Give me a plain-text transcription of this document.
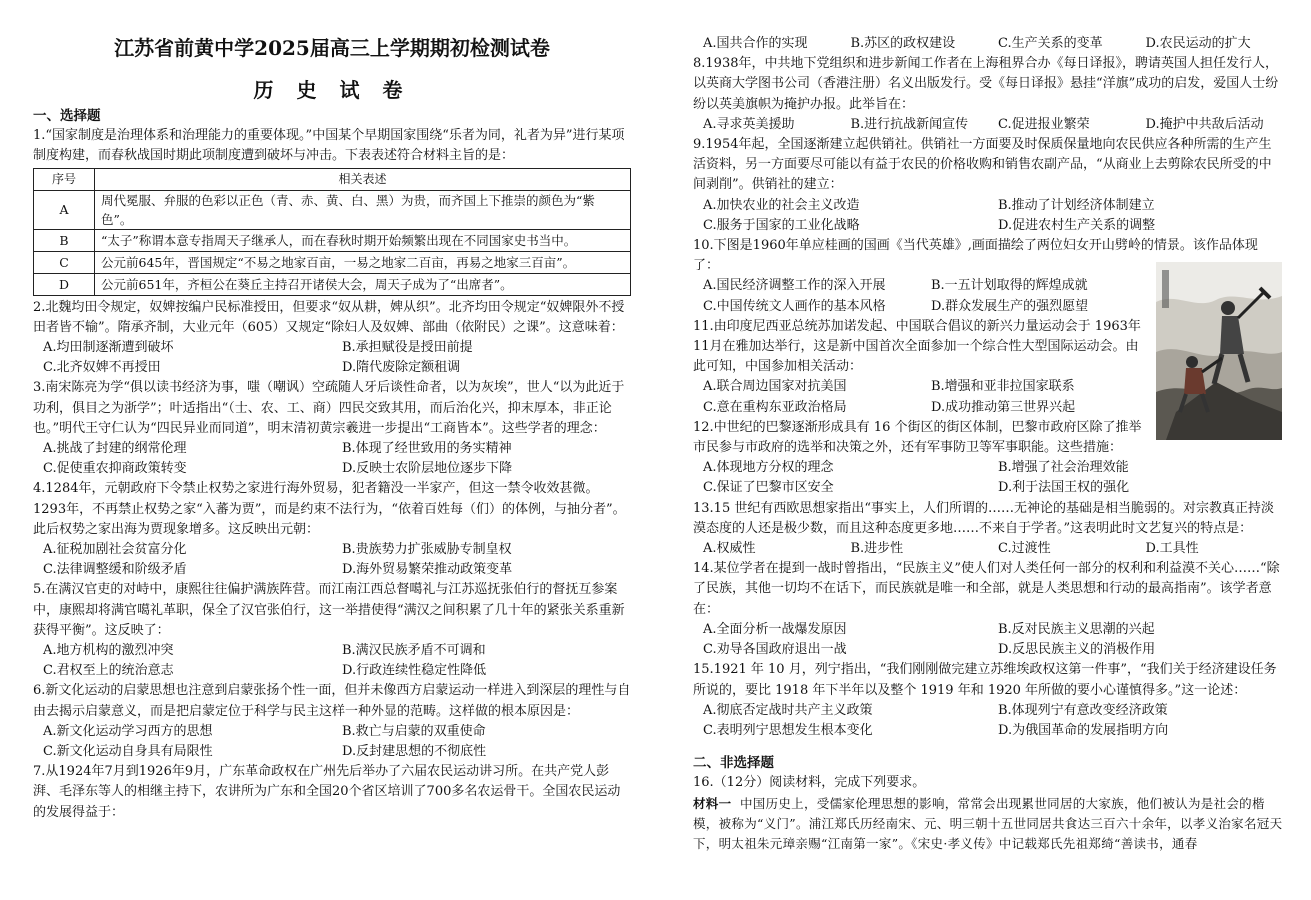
江苏省前黄中学2025届高三上学期期初检测试卷
历 史 试 卷

一、选择题

1.“国家制度是治理体系和治理能力的重要体现。”中国某个早期国家围绕“乐者为同，礼者为异”进行某项制度构建，而春秋战国时期此项制度遭到破坏与冲击。下表表述符合材料主旨的是：

序号	相关表述
A	周代冕服、弁服的色彩以正色（青、赤、黄、白、黑）为贵，而齐国上下推崇的颜色为“紫色”。
B	“太子”称谓本意专指周天子继承人，而在春秋时期开始频繁出现在不同国家史书当中。
C	公元前645年，晋国规定“不易之地家百亩，一易之地家二百亩，再易之地家三百亩”。
D	公元前651年，齐桓公在葵丘主持召开诸侯大会，周天子成为了“出席者”。

2.北魏均田令规定，奴婢按编户民标准授田，但要求“奴从耕，婢从织”。北齐均田令规定“奴婢限外不授田者皆不输”。隋承齐制，大业元年（605）又规定“除妇人及奴婢、部曲（依附民）之课”。这意味着：

A.均田制逐渐遭到破坏	B.承担赋役是授田前提
C.北齐奴婢不再授田	D.隋代废除定额租调

3.南宋陈亮为学“俱以读书经济为事，嗤（嘲讽）空疏随人牙后谈性命者，以为灰埃”，世人“以为此近于功利，俱目之为浙学”；叶适指出“（士、农、工、商）四民交致其用，而后治化兴，抑末厚本，非正论也。”明代王守仁认为“四民异业而同道”，明末清初黄宗羲进一步提出“工商皆本”。这些学者的理念：

A.挑战了封建的纲常伦理	B.体现了经世致用的务实精神
C.促使重农抑商政策转变	D.反映士农阶层地位逐步下降

4.1284年，元朝政府下令禁止权势之家进行海外贸易，犯者籍没一半家产，但这一禁令收效甚微。1293年，不再禁止权势之家“入蕃为贾”，而是约束不法行为，“依着百姓每（们）的体例，与抽分者”。此后权势之家出海为贾现象增多。这反映出元朝：

A.征税加剧社会贫富分化	B.贵族势力扩张威胁专制皇权
C.法律调整缓和阶级矛盾	D.海外贸易繁荣推动政策变革

5.在满汉官吏的对峙中，康熙往往偏护满族阵营。而江南江西总督噶礼与江苏巡抚张伯行的督抚互参案中，康熙却将满官噶礼革职，保全了汉官张伯行，这一举措使得“满汉之间积累了几十年的紧张关系重新获得平衡”。这反映了：

A.地方机构的激烈冲突	B.满汉民族矛盾不可调和
C.君权至上的统治意志	D.行政连续性稳定性降低

6.新文化运动的启蒙思想也注意到启蒙张扬个性一面，但并未像西方启蒙运动一样进入到深层的理性与自由去揭示启蒙意义，而是把启蒙定位于科学与民主这样一种外显的范畴。这样做的根本原因是：

A.新文化运动学习西方的思想	B.救亡与启蒙的双重使命
C.新文化运动自身具有局限性	D.反封建思想的不彻底性

7.从1924年7月到1926年9月，广东革命政权在广州先后举办了六届农民运动讲习所。在共产党人彭湃、毛泽东等人的相继主持下，农讲所为广东和全国20个省区培训了700多名农运骨干。全国农民运动的发展得益于：

A.国共合作的实现	B.苏区的政权建设	C.生产关系的变革	D.农民运动的扩大

8.1938年，中共地下党组织和进步新闻工作者在上海租界合办《每日译报》，聘请英国人担任发行人，以英商大学图书公司（香港注册）名义出版发行。受《每日译报》悬挂“洋旗”成功的启发，爱国人士纷纷以英美旗帜为掩护办报。此举旨在：

A.寻求英美援助	B.进行抗战新闻宣传	C.促进报业繁荣	D.掩护中共敌后活动

9.1954年起，全国逐渐建立起供销社。供销社一方面要及时保质保量地向农民供应各种所需的生产生活资料，另一方面要尽可能以有益于农民的价格收购和销售农副产品，“从商业上去剪除农民所受的中间剥削”。供销社的建立：

A.加快农业的社会主义改造	B.推动了计划经济体制建立
C.服务于国家的工业化战略	D.促进农村生产关系的调整

10.下图是1960年单应桂画的国画《当代英雄》,画面描绘了两位妇女开山劈岭的情景。该作品体现了：

A.国民经济调整工作的深入开展	B.一五计划取得的辉煌成就
C.中国传统文人画作的基本风格	D.群众发展生产的强烈愿望

11.由印度尼西亚总统苏加诺发起、中国联合倡议的新兴力量运动会于 1963年11月在雅加达举行，这是新中国首次全面参加一个综合性大型国际运动会。由此可知，中国参加相关活动：

A.联合周边国家对抗美国	B.增强和亚非拉国家联系
C.意在重构东亚政治格局	D.成功推动第三世界兴起

12.中世纪的巴黎逐渐形成具有 16 个街区的街区体制，巴黎市政府区除了推举市民参与市政府的选举和决策之外，还有军事防卫等军事职能。这些措施：

A.体现地方分权的理念	B.增强了社会治理效能
C.保证了巴黎市区安全	D.利于法国王权的强化

13.15 世纪有西欧思想家指出“事实上，人们所谓的……无神论的基础是相当脆弱的。对宗教真正持淡漠态度的人还是极少数，而且这种态度更多地……不来自于学者。”这表明此时文艺复兴的特点是：

A.权威性	B.进步性	C.过渡性	D.工具性

14.某位学者在提到一战时曾指出，“民族主义”使人们对人类任何一部分的权利和利益漠不关心……“除了民族，其他一切均不在话下，而民族就是唯一和全部，就是人类思想和行动的最高指南”。该学者意在：

A.全面分析一战爆发原因	B.反对民族主义思潮的兴起
C.劝导各国政府退出一战	D.反思民族主义的消极作用

15.1921 年 10 月，列宁指出，“我们刚刚做完建立苏维埃政权这第一件事”，“我们关于经济建设任务所说的，要比 1918 年下半年以及整个 1919 年和 1920 年所做的要小心谨慎得多。”这一论述：

A.彻底否定战时共产主义政策	B.体现列宁有意改变经济政策
C.表明列宁思想发生根本变化	D.为俄国革命的发展指明方向

二、非选择题

16.（12分）阅读材料，完成下列要求。

材料一 中国历史上，受儒家伦理思想的影响，常常会出现累世同居的大家族，他们被认为是社会的楷模，被称为“义门”。浦江郑氏历经南宋、元、明三朝十五世同居共食达三百六十余年，以孝义治家名冠天下，明太祖朱元璋亲赐“江南第一家”。《宋史·孝义传》中记载郑氏先祖郑绮“善读书，通春
